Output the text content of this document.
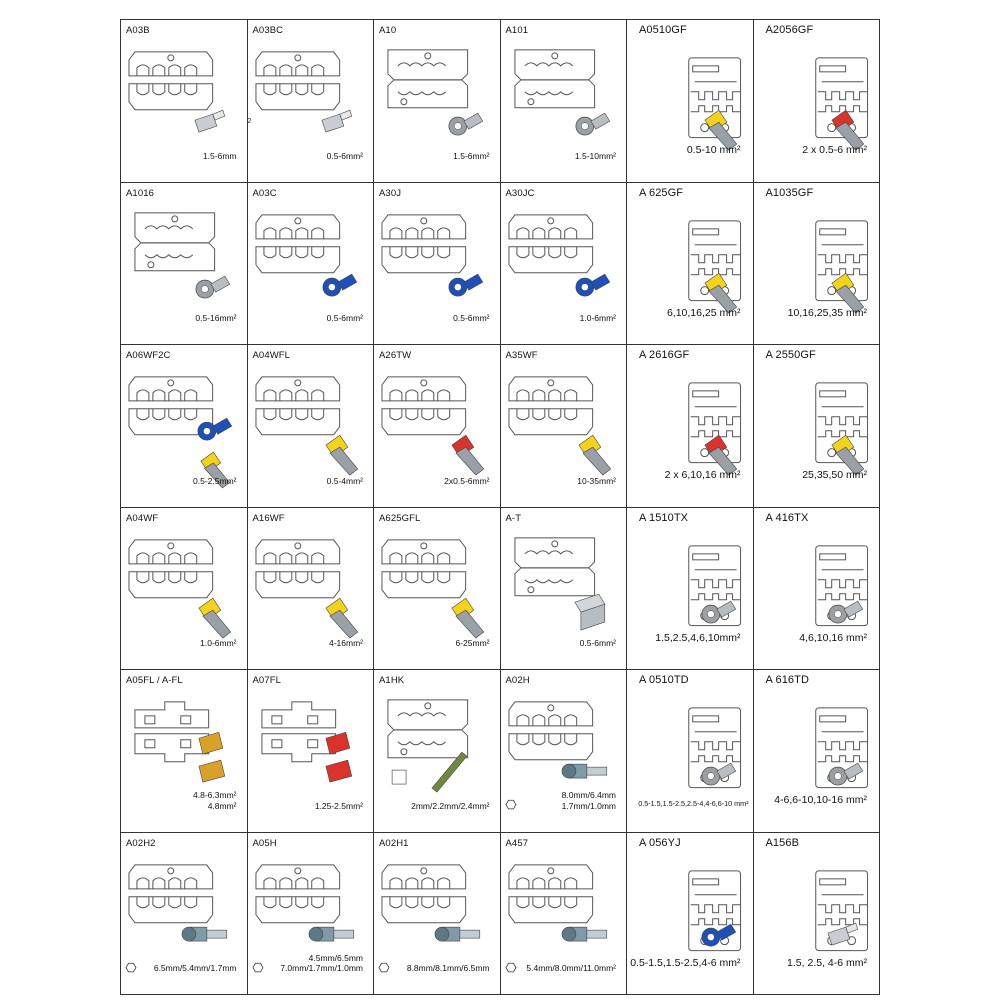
A03B
1.5-6mm
A03BC
0.5-6mm²
2
A10
1.5-6mm²
A101
1.5-10mm²
A0510GF
0.5-10 mm²
A2056GF
2 x 0.5-6 mm²
A1016
0.5-16mm²
A03C
0.5-6mm²
A30J
0.5-6mm²
A30JC
1.0-6mm²
A 625GF
6,10,16,25 mm²
A1035GF
10,16,25,35 mm²
A06WF2C
0.5-2.5mm²
A04WFL
0.5-4mm²
A26TW
2x0.5-6mm²
A35WF
10-35mm²
A 2616GF
2 x 6,10,16 mm²
A 2550GF
25,35,50 mm²
A04WF
1.0-6mm²
A16WF
4-16mm²
A625GFL
6-25mm²
A-T
0.5-6mm²
A 1510TX
1.5,2.5,4,6,10mm²
A 416TX
4,6,10,16 mm²
A05FL / A-FL
4.8-6.3mm²
4.8mm²
A07FL
1.25-2.5mm²
A1HK
2mm/2.2mm/2.4mm²
A02H
8.0mm/6.4mm
1.7mm/1.0mm
A 0510TD
0.5-1.5,1.5-2.5,2.5-4,4-6,6-10 mm²
A 616TD
4-6,6-10,10-16 mm²
A02H2
6.5mm/5.4mm/1.7mm
A05H
4.5mm/6.5mm
7.0mm/1.7mm/1.0mm
A02H1
8.8mm/8.1mm/6.5mm
A457
5.4mm/8.0mm/11.0mm²
A 056YJ
0.5-1.5,1.5-2.5,4-6 mm²
A156B
1.5, 2.5, 4-6 mm²
